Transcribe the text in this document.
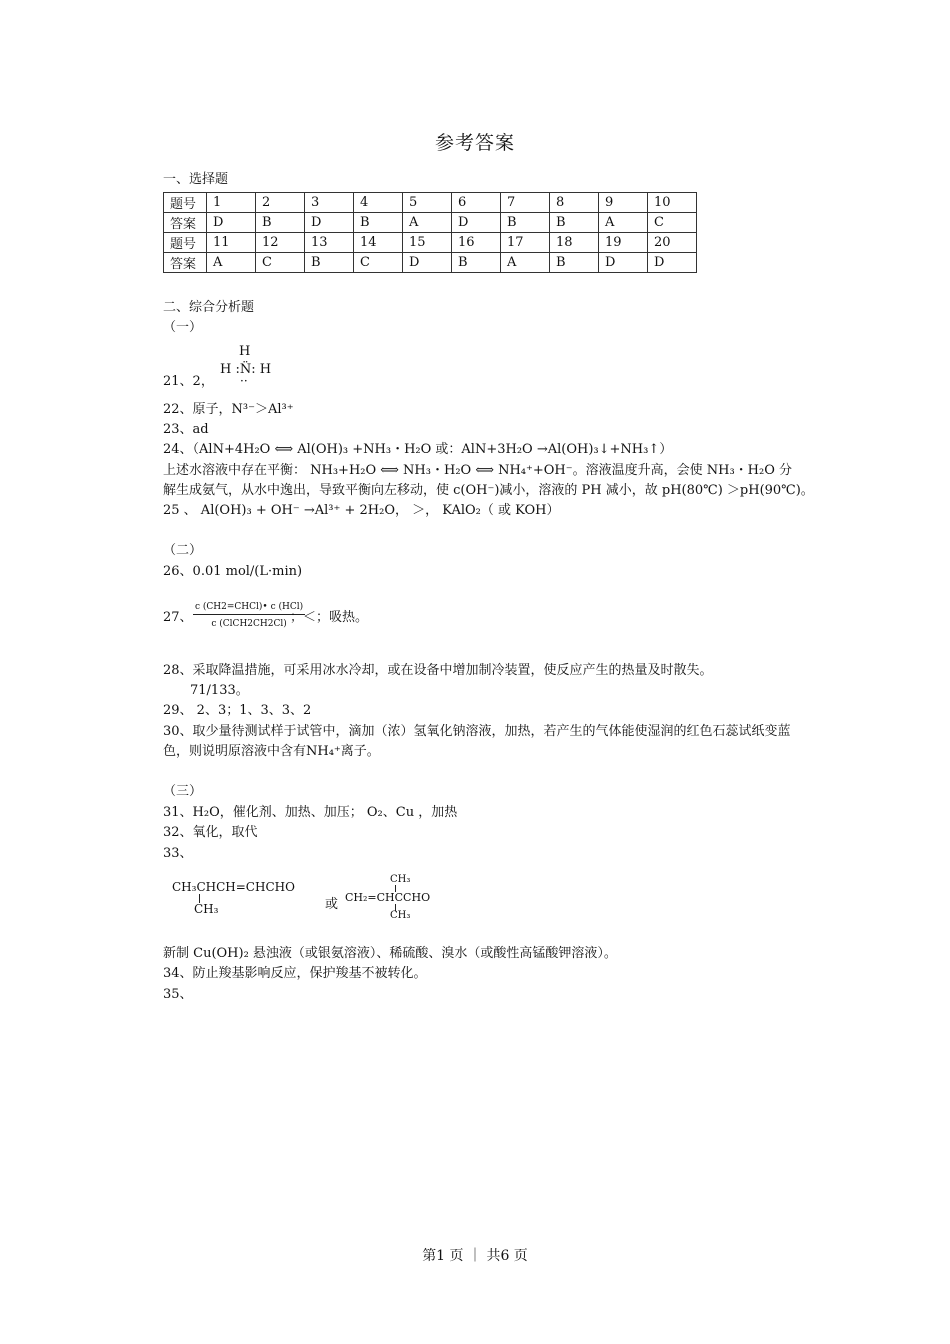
参考答案
一、选择题
题号	1	2	3	4	5	6	7	8	9	10
答案	D	B	D	B	A	D	B	B	A	C
题号	11	12	13	14	15	16	17	18	19	20
答案	A	C	B	C	D	B	A	B	D	D
二、综合分析题
（一）
21、2，
H
H :N̈: H
··
22、原子，N³⁻＞Al³⁺
23、ad
24、（AlN+4H₂O ⟺ Al(OH)₃ +NH₃・H₂O 或：AlN+3H₂O →Al(OH)₃↓+NH₃↑）
上述水溶液中存在平衡： NH₃+H₂O ⟺ NH₃・H₂O ⟺ NH₄⁺+OH⁻。溶液温度升高，会使 NH₃・H₂O 分
解生成氨气，从水中逸出，导致平衡向左移动，使 c(OH⁻)减小，溶液的 PH 减小，故 pH(80℃) ＞pH(90℃)。
25 、 Al(OH)₃ + OH⁻ →Al³⁺ + 2H₂O， ＞， KAlO₂（ 或 KOH）
（二）
26、0.01 mol/(L·min)
27、
c (CH2=CHCl)• c (HCl)
c (ClCH2CH2Cl) ；＜；吸热。
28、采取降温措施，可采用冰水冷却，或在设备中增加制冷装置，使反应产生的热量及时散失。
71/133。
29、 2、3；1、3、3、2
30、取少量待测试样于试管中，滴加（浓）氢氧化钠溶液，加热，若产生的气体能使湿润的红色石蕊试纸变蓝
色，则说明原溶液中含有NH₄⁺离子。
（三）
31、H₂O，催化剂、加热、加压； O₂、Cu ，加热
32、氧化，取代
33、
CH₃CHCH=CHCHO
CH₃	或
CH₃
CH₂=CHCCHO
CH₃
新制 Cu(OH)₂ 悬浊液（或银氨溶液）、稀硫酸、溴水（或酸性高锰酸钾溶液）。
34、防止羧基影响反应，保护羧基不被转化。
35、
第1 页 ｜ 共6 页
